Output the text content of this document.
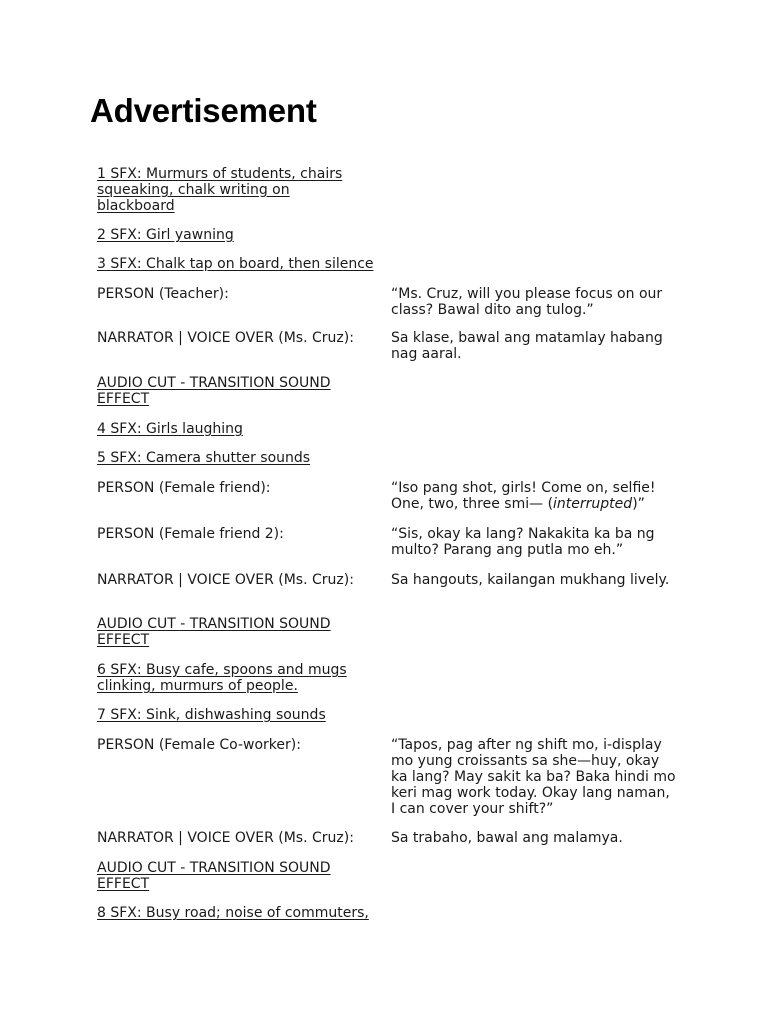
Advertisement

1 SFX: Murmurs of students, chairs squeaking, chalk writing on blackboard

2 SFX: Girl yawning

3 SFX: Chalk tap on board, then silence

PERSON (Teacher):	“Ms. Cruz, will you please focus on our class? Bawal dito ang tulog.”

NARRATOR | VOICE OVER (Ms. Cruz):	Sa klase, bawal ang matamlay habang nag aaral.

AUDIO CUT - TRANSITION SOUND EFFECT

4 SFX: Girls laughing

5 SFX: Camera shutter sounds

PERSON (Female friend):	“Iso pang shot, girls! Come on, selfie! One, two, three smi— (interrupted)”

PERSON (Female friend 2):	“Sis, okay ka lang? Nakakita ka ba ng multo? Parang ang putla mo eh.”

NARRATOR | VOICE OVER (Ms. Cruz):	Sa hangouts, kailangan mukhang lively.

AUDIO CUT - TRANSITION SOUND EFFECT

6 SFX: Busy cafe, spoons and mugs clinking, murmurs of people.

7 SFX: Sink, dishwashing sounds

PERSON (Female Co-worker):	“Tapos, pag after ng shift mo, i-display mo yung croissants sa she—huy, okay ka lang? May sakit ka ba? Baka hindi mo keri mag work today. Okay lang naman, I can cover your shift?”

NARRATOR | VOICE OVER (Ms. Cruz):	Sa trabaho, bawal ang malamya.

AUDIO CUT - TRANSITION SOUND EFFECT

8 SFX: Busy road; noise of commuters,
